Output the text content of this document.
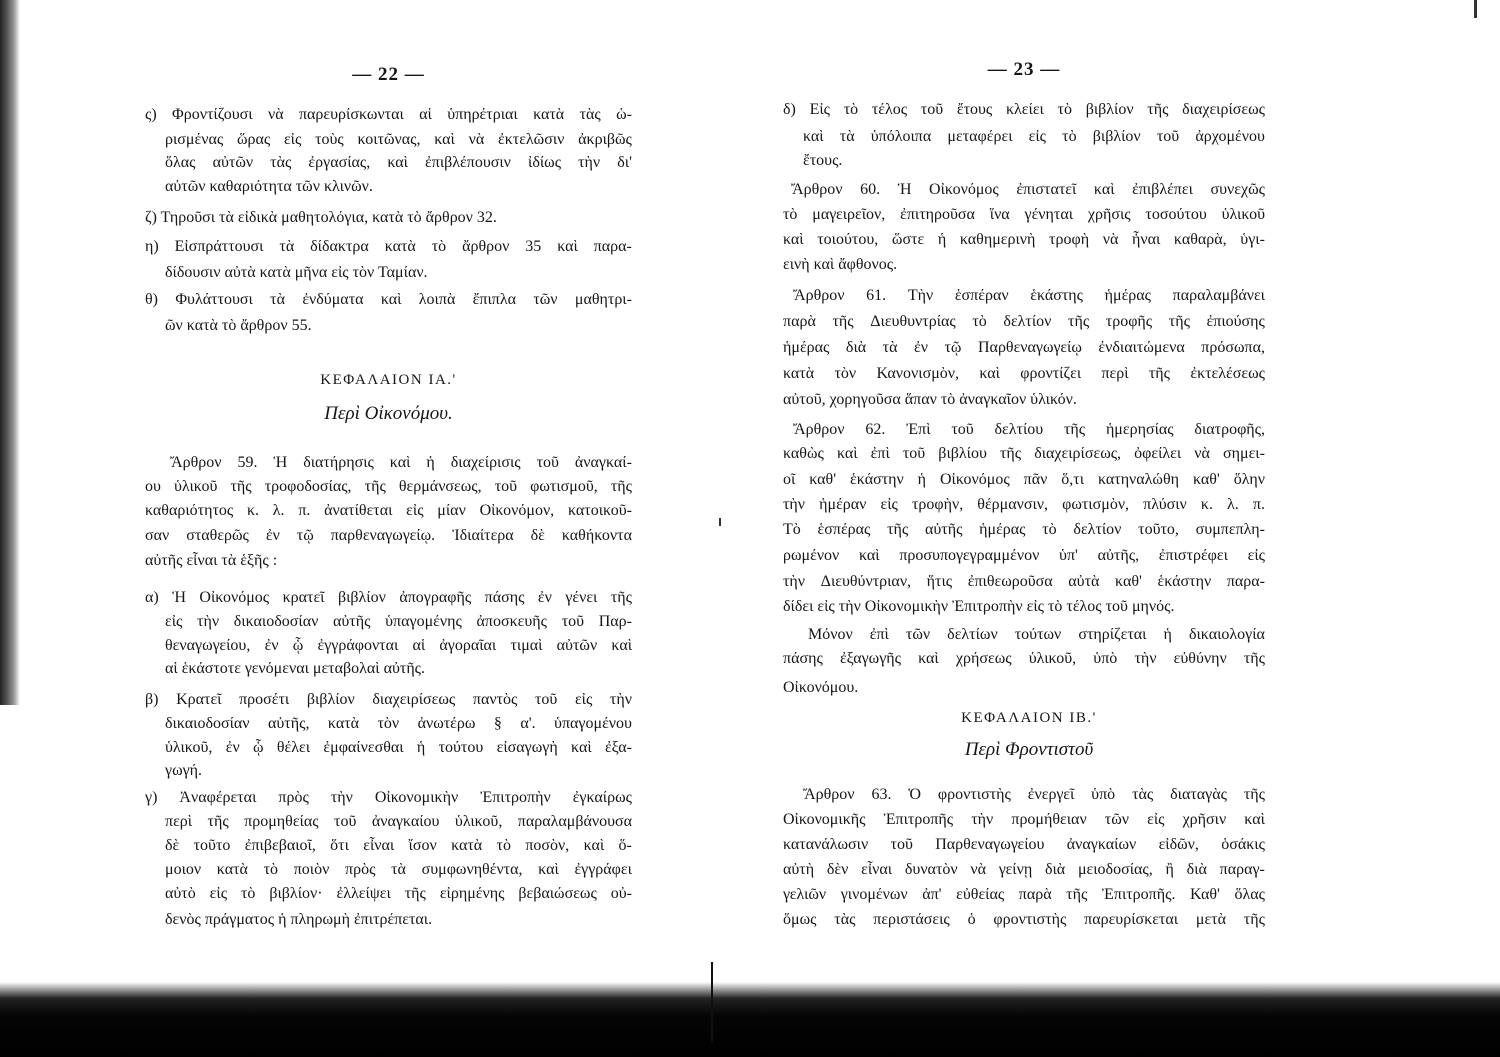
— 22 —
ς) Φροντίζουσι νὰ παρευρίσκωνται αἱ ὑπηρέτριαι κατὰ τὰς ὡ-
ρισμένας ὥρας εἰς τοὺς κοιτῶνας, καὶ νὰ ἐκτελῶσιν ἀκριβῶς
ὅλας αὐτῶν τὰς ἐργασίας, καὶ ἐπιβλέπουσιν ἰδίως τὴν δι'
αὐτῶν καθαριότητα τῶν κλινῶν.
ζ) Τηροῦσι τὰ εἰδικὰ μαθητολόγια, κατὰ τὸ ἄρθρον 32.
η) Εἰσπράττουσι τὰ δίδακτρα κατὰ τὸ ἄρθρον 35 καὶ παρα-
δίδουσιν αὐτὰ κατὰ μῆνα εἰς τὸν Ταμίαν.
θ) Φυλάττουσι τὰ ἐνδύματα καὶ λοιπὰ ἔπιπλα τῶν μαθητρι-
ῶν κατὰ τὸ ἄρθρον 55.
ΚΕΦΑΛΑΙΟΝ ΙΑ.'
Περὶ Οἰκονόμου.
Ἄρθρον 59. Ἡ διατήρησις καὶ ἡ διαχείρισις τοῦ ἀναγκαί-
ου ὑλικοῦ τῆς τροφοδοσίας, τῆς θερμάνσεως, τοῦ φωτισμοῦ, τῆς
καθαριότητος κ. λ. π. ἀνατίθεται εἰς μίαν Οἰκονόμον, κατοικοῦ-
σαν σταθερῶς ἐν τῷ παρθεναγωγείῳ. Ἰδιαίτερα δὲ καθήκοντα
αὐτῆς εἶναι τὰ ἑξῆς :
α) Ἡ Οἰκονόμος κρατεῖ βιβλίον ἀπογραφῆς πάσης ἐν γένει τῆς
εἰς τὴν δικαιοδοσίαν αὐτῆς ὑπαγομένης ἀποσκευῆς τοῦ Παρ-
θεναγωγείου, ἐν ᾧ ἐγγράφονται αἱ ἀγοραῖαι τιμαὶ αὐτῶν καὶ
αἱ ἑκάστοτε γενόμεναι μεταβολαὶ αὐτῆς.
β) Κρατεῖ προσέτι βιβλίον διαχειρίσεως παντὸς τοῦ εἰς τὴν
δικαιοδοσίαν αὐτῆς, κατὰ τὸν ἀνωτέρω § α'. ὑπαγομένου
ὑλικοῦ, ἐν ᾧ θέλει ἐμφαίνεσθαι ἡ τούτου εἰσαγωγὴ καὶ ἐξα-
γωγή.
γ) Ἀναφέρεται πρὸς τὴν Οἰκονομικὴν Ἐπιτροπὴν ἐγκαίρως
περὶ τῆς προμηθείας τοῦ ἀναγκαίου ὑλικοῦ, παραλαμβάνουσα
δὲ τοῦτο ἐπιβεβαιοῖ, ὅτι εἶναι ἴσον κατὰ τὸ ποσὸν, καὶ ὅ-
μοιον κατὰ τὸ ποιὸν πρὸς τὰ συμφωνηθέντα, καὶ ἐγγράφει
αὐτὸ εἰς τὸ βιβλίον· ἐλλείψει τῆς εἰρημένης βεβαιώσεως οὐ-
δενὸς πράγματος ἡ πληρωμὴ ἐπιτρέπεται.
— 23 —
δ) Εἰς τὸ τέλος τοῦ ἔτους κλείει τὸ βιβλίον τῆς διαχειρίσεως
καὶ τὰ ὑπόλοιπα μεταφέρει εἰς τὸ βιβλίον τοῦ ἀρχομένου
ἔτους.
Ἄρθρον 60. Ἡ Οἰκονόμος ἐπιστατεῖ καὶ ἐπιβλέπει συνεχῶς
τὸ μαγειρεῖον, ἐπιτηροῦσα ἵνα γένηται χρῆσις τοσούτου ὑλικοῦ
καὶ τοιούτου, ὥστε ἡ καθημερινὴ τροφὴ νὰ ἦναι καθαρὰ, ὑγι-
εινὴ καὶ ἄφθονος.
Ἄρθρον 61. Τὴν ἑσπέραν ἑκάστης ἡμέρας παραλαμβάνει
παρὰ τῆς Διευθυντρίας τὸ δελτίον τῆς τροφῆς τῆς ἐπιούσης
ἡμέρας διὰ τὰ ἐν τῷ Παρθεναγωγείῳ ἐνδιαιτώμενα πρόσωπα,
κατὰ τὸν Κανονισμὸν, καὶ φροντίζει περὶ τῆς ἐκτελέσεως
αὐτοῦ, χορηγοῦσα ἅπαν τὸ ἀναγκαῖον ὑλικόν.
Ἄρθρον 62. Ἐπὶ τοῦ δελτίου τῆς ἡμερησίας διατροφῆς,
καθὼς καὶ ἐπὶ τοῦ βιβλίου τῆς διαχειρίσεως, ὀφείλει νὰ σημει-
οῖ καθ' ἑκάστην ἡ Οἰκονόμος πᾶν ὅ,τι κατηναλώθη καθ' ὅλην
τὴν ἡμέραν εἰς τροφὴν, θέρμανσιν, φωτισμὸν, πλύσιν κ. λ. π.
Τὸ ἑσπέρας τῆς αὐτῆς ἡμέρας τὸ δελτίον τοῦτο, συμπεπλη-
ρωμένον καὶ προσυπογεγραμμένον ὑπ' αὐτῆς, ἐπιστρέφει εἰς
τὴν Διευθύντριαν, ἥτις ἐπιθεωροῦσα αὐτὰ καθ' ἑκάστην παρα-
δίδει εἰς τὴν Οἰκονομικὴν Ἐπιτροπὴν εἰς τὸ τέλος τοῦ μηνός.
Μόνον ἐπὶ τῶν δελτίων τούτων στηρίζεται ἡ δικαιολογία
πάσης ἐξαγωγῆς καὶ χρήσεως ὑλικοῦ, ὑπὸ τὴν εὐθύνην τῆς
Οἰκονόμου.
ΚΕΦΑΛΑΙΟΝ ΙΒ.'
Περὶ Φροντιστοῦ
Ἄρθρον 63. Ὁ φροντιστὴς ἐνεργεῖ ὑπὸ τὰς διαταγὰς τῆς
Οἰκονομικῆς Ἐπιτροπῆς τὴν προμήθειαν τῶν εἰς χρῆσιν καὶ
κατανάλωσιν τοῦ Παρθεναγωγείου ἀναγκαίων εἰδῶν, ὁσάκις
αὐτὴ δὲν εἶναι δυνατὸν νὰ γείνῃ διὰ μειοδοσίας, ἢ διὰ παραγ-
γελιῶν γινομένων ἀπ' εὐθείας παρὰ τῆς Ἐπιτροπῆς. Καθ' ὅλας
ὅμως τὰς περιστάσεις ὁ φροντιστὴς παρευρίσκεται μετὰ τῆς
